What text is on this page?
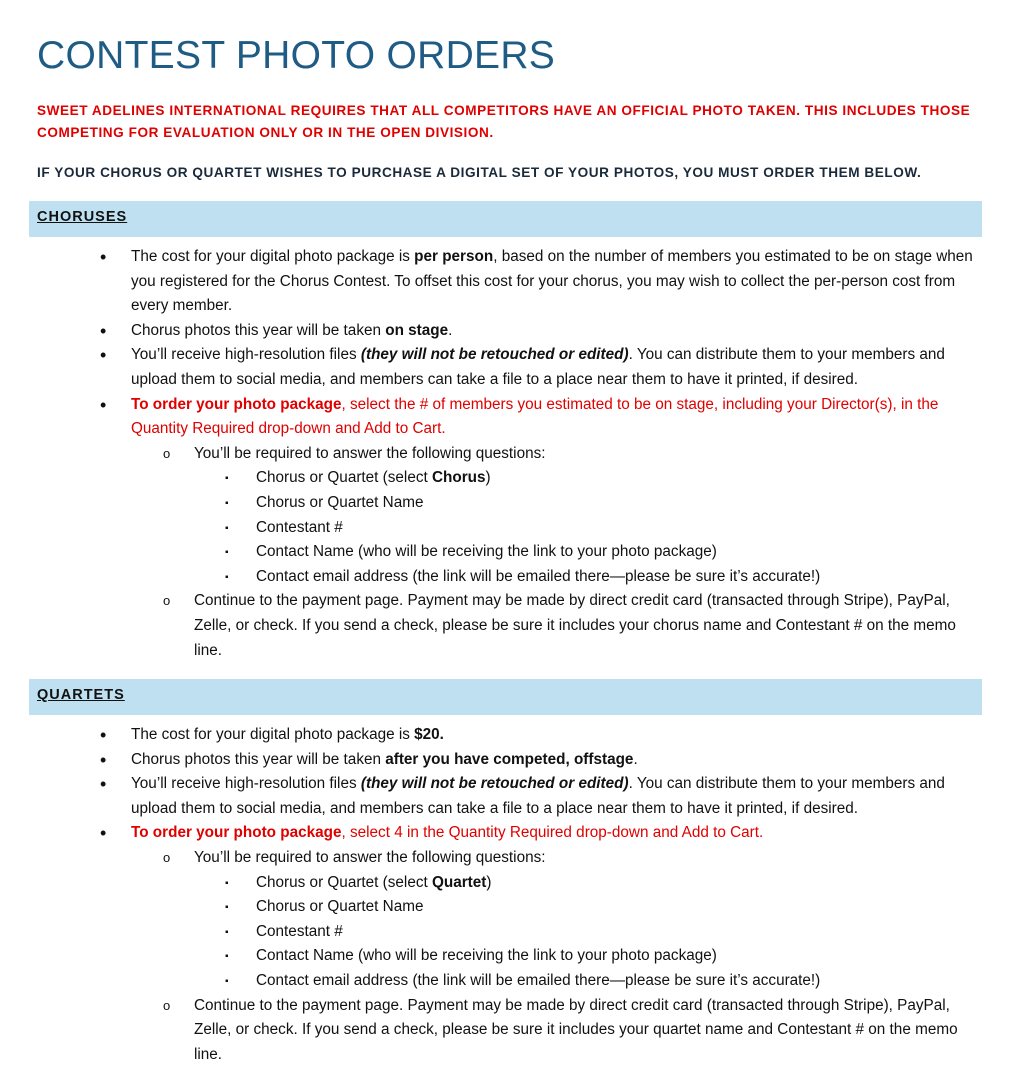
CONTEST PHOTO ORDERS

SWEET ADELINES INTERNATIONAL REQUIRES THAT ALL COMPETITORS HAVE AN OFFICIAL PHOTO TAKEN. THIS INCLUDES THOSE COMPETING FOR EVALUATION ONLY OR IN THE OPEN DIVISION.

IF YOUR CHORUS OR QUARTET WISHES TO PURCHASE A DIGITAL SET OF YOUR PHOTOS, YOU MUST ORDER THEM BELOW.

CHORUSES
• The cost for your digital photo package is per person, based on the number of members you estimated to be on stage when you registered for the Chorus Contest. To offset this cost for your chorus, you may wish to collect the per-person cost from every member.
• Chorus photos this year will be taken on stage.
• You’ll receive high-resolution files (they will not be retouched or edited). You can distribute them to your members and upload them to social media, and members can take a file to a place near them to have it printed, if desired.
• To order your photo package, select the # of members you estimated to be on stage, including your Director(s), in the Quantity Required drop-down and Add to Cart.
o You’ll be required to answer the following questions:
▪ Chorus or Quartet (select Chorus)
▪ Chorus or Quartet Name
▪ Contestant #
▪ Contact Name (who will be receiving the link to your photo package)
▪ Contact email address (the link will be emailed there—please be sure it’s accurate!)
o Continue to the payment page. Payment may be made by direct credit card (transacted through Stripe), PayPal, Zelle, or check. If you send a check, please be sure it includes your chorus name and Contestant # on the memo line.
QUARTETS
• The cost for your digital photo package is $20.
• Chorus photos this year will be taken after you have competed, offstage.
• You’ll receive high-resolution files (they will not be retouched or edited). You can distribute them to your members and upload them to social media, and members can take a file to a place near them to have it printed, if desired.
• To order your photo package, select 4 in the Quantity Required drop-down and Add to Cart.
o You’ll be required to answer the following questions:
▪ Chorus or Quartet (select Quartet)
▪ Chorus or Quartet Name
▪ Contestant #
▪ Contact Name (who will be receiving the link to your photo package)
▪ Contact email address (the link will be emailed there—please be sure it’s accurate!)
o Continue to the payment page. Payment may be made by direct credit card (transacted through Stripe), PayPal, Zelle, or check. If you send a check, please be sure it includes your quartet name and Contestant # on the memo line.
